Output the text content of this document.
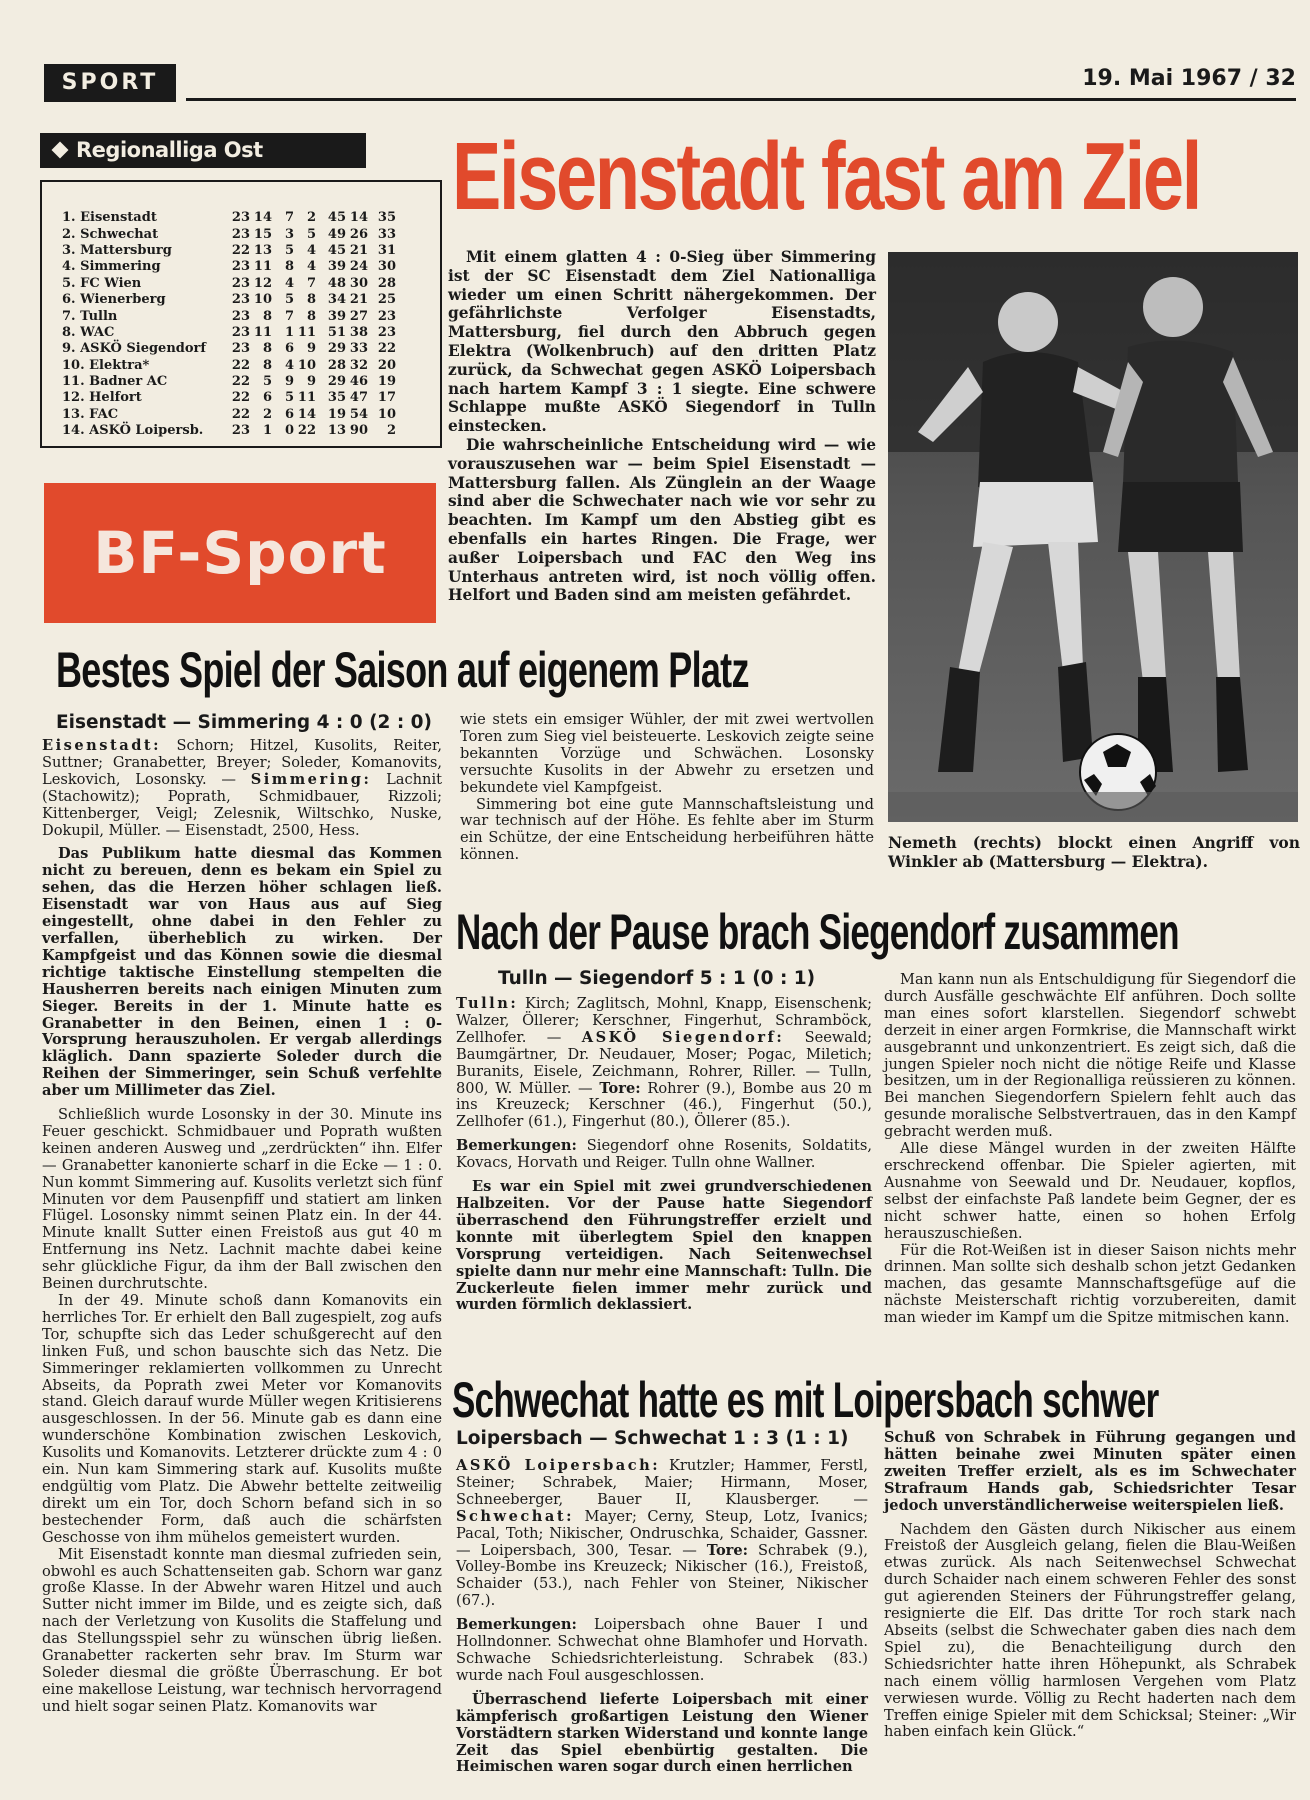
SPORT	19. Mai 1967 / 32
Regionalliga Ost
1. Eisenstadt	23	14	7	2	45	14	35
2. Schwechat	23	15	3	5	49	26	33
3. Mattersburg	22	13	5	4	45	21	31
4. Simmering	23	11	8	4	39	24	30
5. FC Wien	23	12	4	7	48	30	28
6. Wienerberg	23	10	5	8	34	21	25
7. Tulln	23	8	7	8	39	27	23
8. WAC	23	11	1	11	51	38	23
9. ASKÖ Siegendorf	23	8	6	9	29	33	22
10. Elektra*	22	8	4	10	28	32	20
11. Badner AC	22	5	9	9	29	46	19
12. Helfort	22	6	5	11	35	47	17
13. FAC	22	2	6	14	19	54	10
14. ASKÖ Loipersb.	23	1	0	22	13	90	2
Eisenstadt fast am Ziel

Mit einem glatten 4 : 0-Sieg über Simmering ist der SC Eisenstadt dem Ziel Nationalliga wieder um einen Schritt nähergekommen. Der gefährlichste Verfolger Eisenstadts, Mattersburg, fiel durch den Abbruch gegen Elektra (Wolkenbruch) auf den dritten Platz zurück, da Schwechat gegen ASKÖ Loipersbach nach hartem Kampf 3 : 1 siegte. Eine schwere Schlappe mußte ASKÖ Siegendorf in Tulln einstecken.

Die wahrscheinliche Entscheidung wird — wie vorauszusehen war — beim Spiel Eisenstadt — Mattersburg fallen. Als Zünglein an der Waage sind aber die Schwechater nach wie vor sehr zu beachten. Im Kampf um den Abstieg gibt es ebenfalls ein hartes Ringen. Die Frage, wer außer Loipersbach und FAC den Weg ins Unterhaus antreten wird, ist noch völlig offen. Helfort und Baden sind am meisten gefährdet.

Nemeth (rechts) blockt einen Angriff von Winkler ab (Mattersburg — Elektra).
BF-Sport
Bestes Spiel der Saison auf eigenem Platz
Eisenstadt — Simmering 4 : 0 (2 : 0)

Eisenstadt: Schorn; Hitzel, Kusolits, Reiter, Suttner; Granabetter, Breyer; Soleder, Komanovits, Leskovich, Losonsky. — Simmering: Lachnit (Stachowitz); Poprath, Schmidbauer, Rizzoli; Kittenberger, Veigl; Zelesnik, Wiltschko, Nuske, Dokupil, Müller. — Eisenstadt, 2500, Hess.

Das Publikum hatte diesmal das Kommen nicht zu bereuen, denn es bekam ein Spiel zu sehen, das die Herzen höher schlagen ließ. Eisenstadt war von Haus aus auf Sieg eingestellt, ohne dabei in den Fehler zu verfallen, überheblich zu wirken. Der Kampfgeist und das Können sowie die diesmal richtige taktische Einstellung stempelten die Hausherren bereits nach einigen Minuten zum Sieger. Bereits in der 1. Minute hatte es Granabetter in den Beinen, einen 1 : 0-Vorsprung herauszuholen. Er vergab allerdings kläglich. Dann spazierte Soleder durch die Reihen der Simmeringer, sein Schuß verfehlte aber um Millimeter das Ziel.

Schließlich wurde Losonsky in der 30. Minute ins Feuer geschickt. Schmidbauer und Poprath wußten keinen anderen Ausweg und „zerdrückten“ ihn. Elfer — Granabetter kanonierte scharf in die Ecke — 1 : 0. Nun kommt Simmering auf. Kusolits verletzt sich fünf Minuten vor dem Pausenpfiff und statiert am linken Flügel. Losonsky nimmt seinen Platz ein. In der 44. Minute knallt Sutter einen Freistoß aus gut 40 m Entfernung ins Netz. Lachnit machte dabei keine sehr glückliche Figur, da ihm der Ball zwischen den Beinen durchrutschte.

In der 49. Minute schoß dann Komanovits ein herrliches Tor. Er erhielt den Ball zugespielt, zog aufs Tor, schupfte sich das Leder schußgerecht auf den linken Fuß, und schon bauschte sich das Netz. Die Simmeringer reklamierten vollkommen zu Unrecht Abseits, da Poprath zwei Meter vor Komanovits stand. Gleich darauf wurde Müller wegen Kritisierens ausgeschlossen. In der 56. Minute gab es dann eine wunderschöne Kombination zwischen Leskovich, Kusolits und Komanovits. Letzterer drückte zum 4 : 0 ein. Nun kam Simmering stark auf. Kusolits mußte endgültig vom Platz. Die Abwehr bettelte zeitweilig direkt um ein Tor, doch Schorn befand sich in so bestechender Form, daß auch die schärfsten Geschosse von ihm mühelos gemeistert wurden.

Mit Eisenstadt konnte man diesmal zufrieden sein, obwohl es auch Schattenseiten gab. Schorn war ganz große Klasse. In der Abwehr waren Hitzel und auch Sutter nicht immer im Bilde, und es zeigte sich, daß nach der Verletzung von Kusolits die Staffelung und das Stellungsspiel sehr zu wünschen übrig ließen. Granabetter rackerten sehr brav. Im Sturm war Soleder diesmal die größte Überraschung. Er bot eine makellose Leistung, war technisch hervorragend und hielt sogar seinen Platz. Komanovits war

wie stets ein emsiger Wühler, der mit zwei wertvollen Toren zum Sieg viel beisteuerte. Leskovich zeigte seine bekannten Vorzüge und Schwächen. Losonsky versuchte Kusolits in der Abwehr zu ersetzen und bekundete viel Kampfgeist.

Simmering bot eine gute Mannschaftsleistung und war technisch auf der Höhe. Es fehlte aber im Sturm ein Schütze, der eine Entscheidung herbeiführen hätte können.

Nach der Pause brach Siegendorf zusammen
Tulln — Siegendorf 5 : 1 (0 : 1)

Tulln: Kirch; Zaglitsch, Mohnl, Knapp, Eisenschenk; Walzer, Öllerer; Kerschner, Fingerhut, Schramböck, Zellhofer. — ASKÖ Siegendorf: Seewald; Baumgärtner, Dr. Neudauer, Moser; Pogac, Miletich; Buranits, Eisele, Zeichmann, Rohrer, Riller. — Tulln, 800, W. Müller. — Tore: Rohrer (9.), Bombe aus 20 m ins Kreuzeck; Kerschner (46.), Fingerhut (50.), Zellhofer (61.), Fingerhut (80.), Öllerer (85.).

Bemerkungen: Siegendorf ohne Rosenits, Soldatits, Kovacs, Horvath und Reiger. Tulln ohne Wallner.

Es war ein Spiel mit zwei grundverschiedenen Halbzeiten. Vor der Pause hatte Siegendorf überraschend den Führungstreffer erzielt und konnte mit überlegtem Spiel den knappen Vorsprung verteidigen. Nach Seitenwechsel spielte dann nur mehr eine Mannschaft: Tulln. Die Zuckerleute fielen immer mehr zurück und wurden förmlich deklassiert.

Man kann nun als Entschuldigung für Siegendorf die durch Ausfälle geschwächte Elf anführen. Doch sollte man eines sofort klarstellen. Siegendorf schwebt derzeit in einer argen Formkrise, die Mannschaft wirkt ausgebrannt und unkonzentriert. Es zeigt sich, daß die jungen Spieler noch nicht die nötige Reife und Klasse besitzen, um in der Regionalliga reüssieren zu können. Bei manchen Siegendorfern Spielern fehlt auch das gesunde moralische Selbstvertrauen, das in den Kampf gebracht werden muß.

Alle diese Mängel wurden in der zweiten Hälfte erschreckend offenbar. Die Spieler agierten, mit Ausnahme von Seewald und Dr. Neudauer, kopflos, selbst der einfachste Paß landete beim Gegner, der es nicht schwer hatte, einen so hohen Erfolg herauszuschießen.

Für die Rot-Weißen ist in dieser Saison nichts mehr drinnen. Man sollte sich deshalb schon jetzt Gedanken machen, das gesamte Mannschaftsgefüge auf die nächste Meisterschaft richtig vorzubereiten, damit man wieder im Kampf um die Spitze mitmischen kann.

Schwechat hatte es mit Loipersbach schwer
Loipersbach — Schwechat 1 : 3 (1 : 1)

ASKÖ Loipersbach: Krutzler; Hammer, Ferstl, Steiner; Schrabek, Maier; Hirmann, Moser, Schneeberger, Bauer II, Klausberger. — Schwechat: Mayer; Cerny, Steup, Lotz, Ivanics; Pacal, Toth; Nikischer, Ondruschka, Schaider, Gassner. — Loipersbach, 300, Tesar. — Tore: Schrabek (9.), Volley-Bombe ins Kreuzeck; Nikischer (16.), Freistoß, Schaider (53.), nach Fehler von Steiner, Nikischer (67.).

Bemerkungen: Loipersbach ohne Bauer I und Hollndonner. Schwechat ohne Blamhofer und Horvath. Schwache Schiedsrichterleistung. Schrabek (83.) wurde nach Foul ausgeschlossen.

Überraschend lieferte Loipersbach mit einer kämpferisch großartigen Leistung den Wiener Vorstädtern starken Widerstand und konnte lange Zeit das Spiel ebenbürtig gestalten. Die Heimischen waren sogar durch einen herrlichen

Schuß von Schrabek in Führung gegangen und hätten beinahe zwei Minuten später einen zweiten Treffer erzielt, als es im Schwechater Strafraum Hands gab, Schiedsrichter Tesar jedoch unverständlicherweise weiterspielen ließ.

Nachdem den Gästen durch Nikischer aus einem Freistoß der Ausgleich gelang, fielen die Blau-Weißen etwas zurück. Als nach Seitenwechsel Schwechat durch Schaider nach einem schweren Fehler des sonst gut agierenden Steiners der Führungstreffer gelang, resignierte die Elf. Das dritte Tor roch stark nach Abseits (selbst die Schwechater gaben dies nach dem Spiel zu), die Benachteiligung durch den Schiedsrichter hatte ihren Höhepunkt, als Schrabek nach einem völlig harmlosen Vergehen vom Platz verwiesen wurde. Völlig zu Recht haderten nach dem Treffen einige Spieler mit dem Schicksal; Steiner: „Wir haben einfach kein Glück.“
